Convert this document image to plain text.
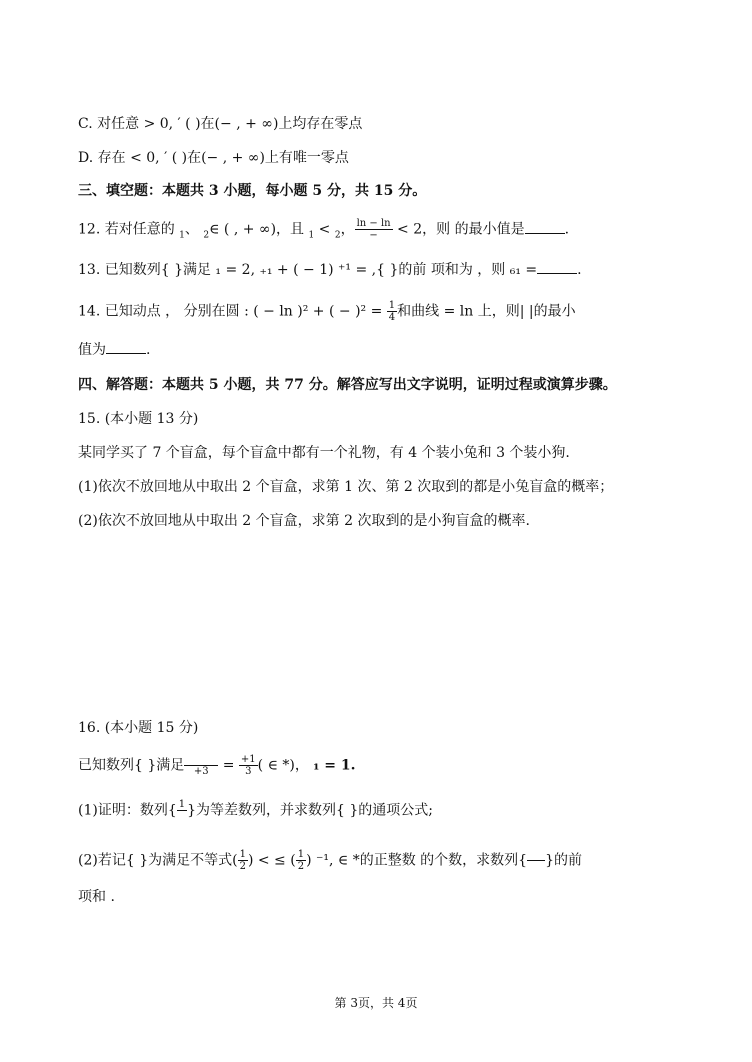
C. 对任意 > 0, ′ ( )在(− , + ∞)上均存在零点
D. 存在 < 0, ′ ( )在(− , + ∞)上有唯一零点
三、填空题：本题共 3 小题，每小题 5 分，共 15 分。
12. 若对任意的 $_1$、 $_2$∈ ( , + ∞)，且 $_1$ < $_2$， $\frac{\ln - \ln}{-} < 2$，则 的最小值是	.
13. 已知数列{ }满足 ₁ = 2, ₊₁ + ( − 1) ⁺¹ = ,{ }的前 项和为 ，则 ₆₁ =	.
14. 已知动点 ， 分别在圆 : ( − ln )² + ( − )$^2 = \frac{1}{4}$ 和曲线 = ln 上，则| |的最小
值为	.
四、解答题：本题共 5 小题，共 77 分。解答应写出文字说明，证明过程或演算步骤。
15. (本小题 13 分)
某同学买了 7 个盲盒，每个盲盒中都有一个礼物，有 4 个装小兔和 3 个装小狗.
(1)依次不放回地从中取出 2 个盲盒，求第 1 次、第 2 次取到的都是小兔盲盒的概率；
(2)依次不放回地从中取出 2 个盲盒，求第 2 次取到的是小狗盲盒的概率.
16. (本小题 15 分)
已知数列{ }满足 $+3 = \frac{+1}{3}$ ( ∈ *)， ₁ = 1.
(1)证明：数列{ 1 }为等差数列，并求数列{ }的通项公式;
(2)若记{ }为满足不等式( $\frac{1}{2}$ ) < ≤ ( $\frac{1}{2}$ ) ⁻¹, ∈ *的正整数 的个数，求数列{ }的前
项和 .
第 3页，共 4页
